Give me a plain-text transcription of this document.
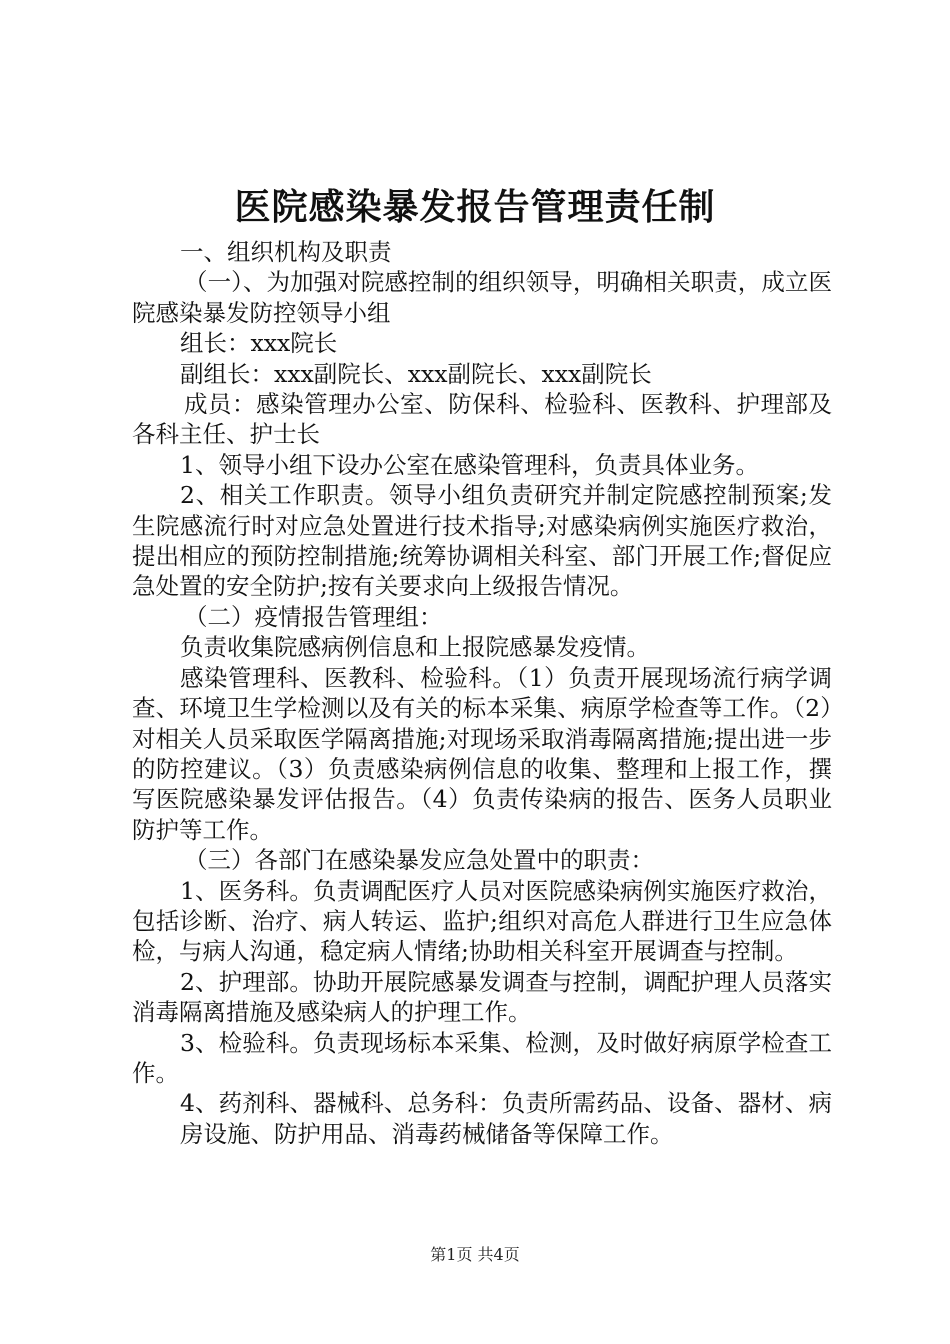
医院感染暴发报告管理责任制

一、组织机构及职责

（一）、为加强对院感控制的组织领导，明确相关职责，成立医院感染暴发防控领导小组

组长：xxx院长

副组长：xxx副院长、xxx副院长、xxx副院长

成员：感染管理办公室、防保科、检验科、医教科、护理部及各科主任、护士长

1、领导小组下设办公室在感染管理科，负责具体业务。

2、相关工作职责。领导小组负责研究并制定院感控制预案;发生院感流行时对应急处置进行技术指导;对感染病例实施医疗救治，提出相应的预防控制措施;统筹协调相关科室、部门开展工作;督促应急处置的安全防护;按有关要求向上级报告情况。

（二）疫情报告管理组：

负责收集院感病例信息和上报院感暴发疫情。

感染管理科、医教科、检验科。（1）负责开展现场流行病学调查、环境卫生学检测以及有关的标本采集、病原学检查等工作。（2）对相关人员采取医学隔离措施;对现场采取消毒隔离措施;提出进一步的防控建议。（3）负责感染病例信息的收集、整理和上报工作，撰写医院感染暴发评估报告。（4）负责传染病的报告、医务人员职业防护等工作。

（三）各部门在感染暴发应急处置中的职责：

1、医务科。负责调配医疗人员对医院感染病例实施医疗救治，包括诊断、治疗、病人转运、监护;组织对高危人群进行卫生应急体检，与病人沟通，稳定病人情绪;协助相关科室开展调查与控制。

2、护理部。协助开展院感暴发调查与控制，调配护理人员落实消毒隔离措施及感染病人的护理工作。

3、检验科。负责现场标本采集、检测，及时做好病原学检查工作。

4、药剂科、器械科、总务科：负责所需药品、设备、器材、病房设施、防护用品、消毒药械储备等保障工作。

第1页 共4页
